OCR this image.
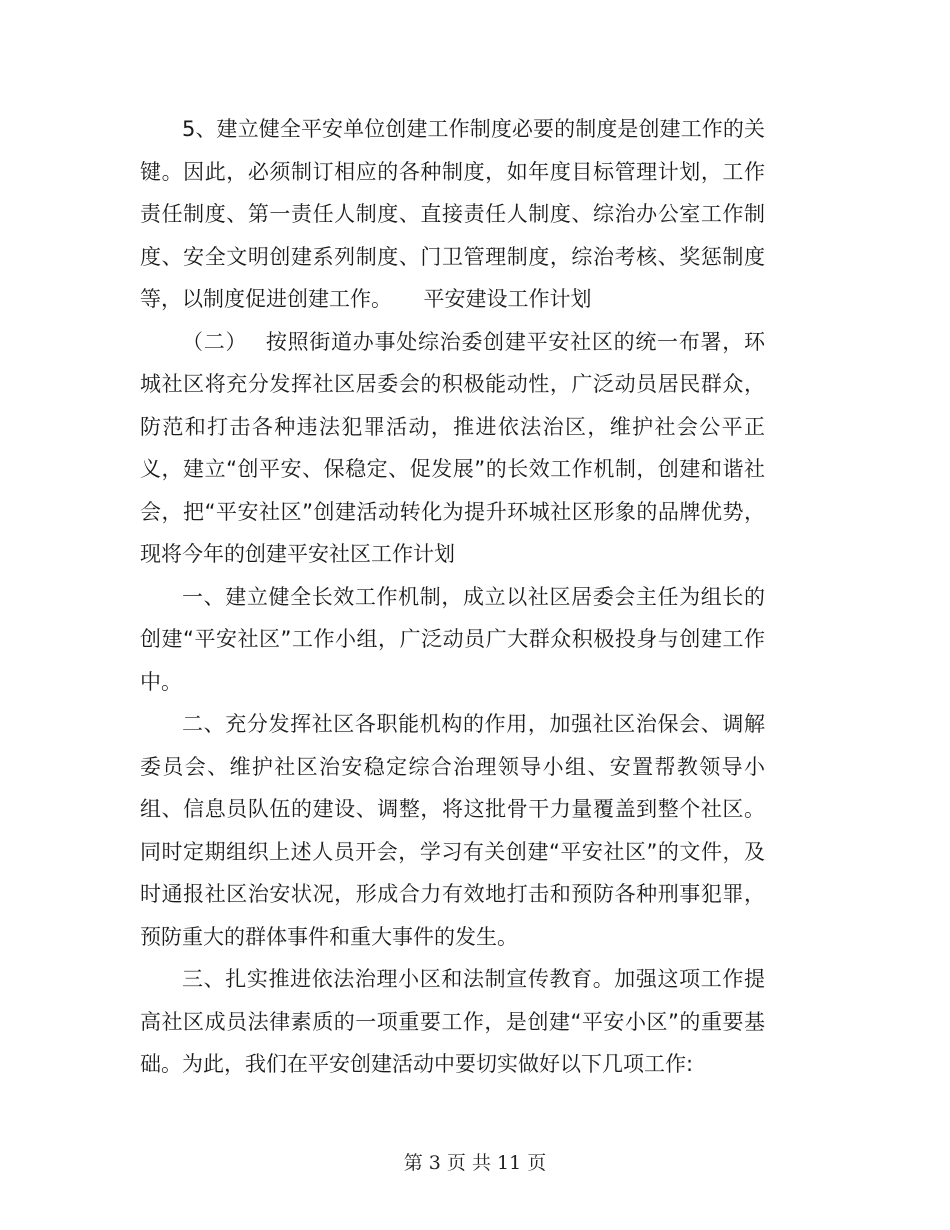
5、建立健全平安单位创建工作制度必要的制度是创建工作的关键。因此，必须制订相应的各种制度，如年度目标管理计划，工作责任制度、第一责任人制度、直接责任人制度、综治办公室工作制度、安全文明创建系列制度、门卫管理制度，综治考核、奖惩制度等，以制度促进创建工作。　　平安建设工作计划

（二）　 按照街道办事处综治委创建平安社区的统一布署，环城社区将充分发挥社区居委会的积极能动性，广泛动员居民群众，防范和打击各种违法犯罪活动，推进依法治区，维护社会公平正义，建立“创平安、保稳定、促发展”的长效工作机制，创建和谐社会，把“平安社区”创建活动转化为提升环城社区形象的品牌优势，现将今年的创建平安社区工作计划

一、建立健全长效工作机制，成立以社区居委会主任为组长的创建“平安社区”工作小组，广泛动员广大群众积极投身与创建工作中。

二、充分发挥社区各职能机构的作用，加强社区治保会、调解委员会、维护社区治安稳定综合治理领导小组、安置帮教领导小组、信息员队伍的建设、调整，将这批骨干力量覆盖到整个社区。同时定期组织上述人员开会，学习有关创建“平安社区”的文件，及时通报社区治安状况，形成合力有效地打击和预防各种刑事犯罪，预防重大的群体事件和重大事件的发生。

三、扎实推进依法治理小区和法制宣传教育。加强这项工作提高社区成员法律素质的一项重要工作，是创建“平安小区”的重要基础。为此，我们在平安创建活动中要切实做好以下几项工作:

第 3 页 共 11 页
